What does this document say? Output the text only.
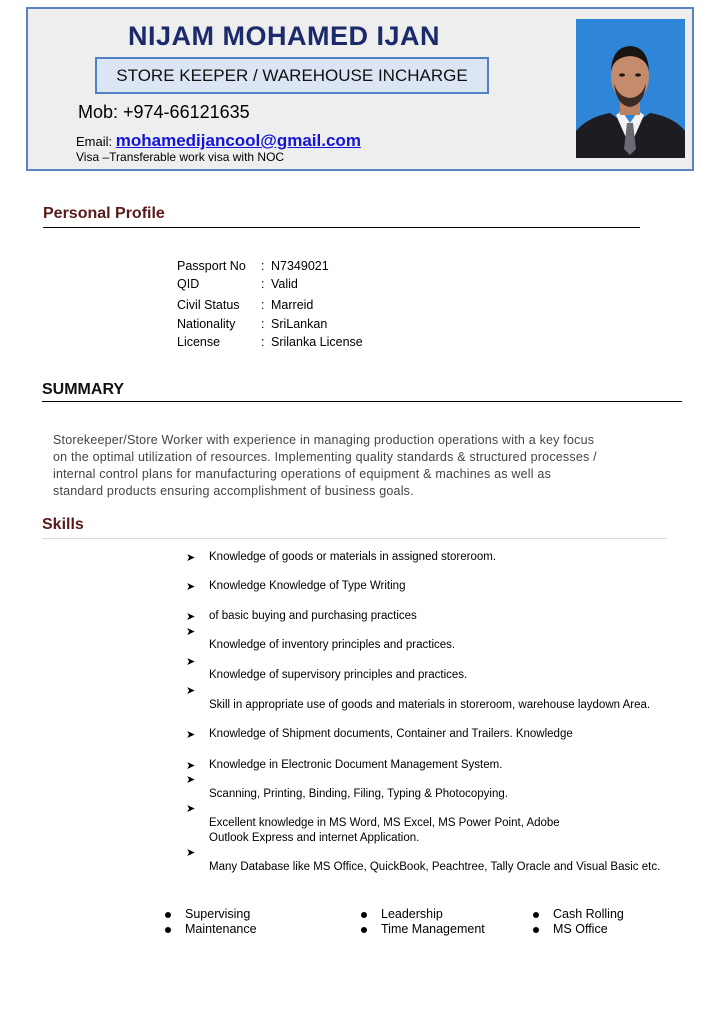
NIJAM MOHAMED IJAN
STORE KEEPER / WAREHOUSE INCHARGE
Mob: +974-66121635
Email: mohamedijancool@gmail.com
Visa –Transferable work visa with NOC
Personal Profile
Passport No	: N7349021
QID	: Valid
Civil Status	: Marreid
Nationality	: SriLankan
License	: Srilanka License
SUMMARY
Storekeeper/Store Worker with experience in managing production operations with a key focus
on the optimal utilization of resources. Implementing quality standards & structured processes /
internal control plans for manufacturing operations of equipment & machines as well as
standard products ensuring accomplishment of business goals.
Skills
➤ Knowledge of goods or materials in assigned storeroom.
➤ Knowledge Knowledge of Type Writing
➤ of basic buying and purchasing practices
➤
Knowledge of inventory principles and practices.
➤
Knowledge of supervisory principles and practices.
➤
Skill in appropriate use of goods and materials in storeroom, warehouse laydown Area.
➤ Knowledge of Shipment documents, Container and Trailers. Knowledge
➤ Knowledge in Electronic Document Management System.
➤
Scanning, Printing, Binding, Filing, Typing & Photocopying.
➤
Excellent knowledge in MS Word, MS Excel, MS Power Point, Adobe
Outlook Express and internet Application.
➤
Many Database like MS Office, QuickBook, Peachtree, Tally Oracle and Visual Basic etc.
Supervising
Maintenance
Leadership
Time Management
Cash Rolling
MS Office
